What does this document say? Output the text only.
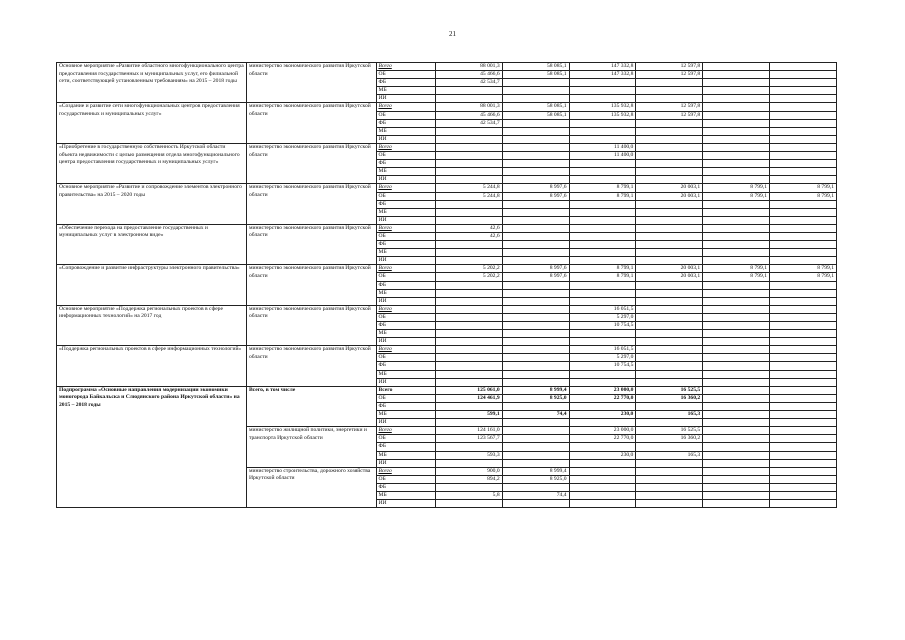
21
Основное мероприятие «Развитие областного многофункционального центра предоставления государственных и муниципальных услуг, его филиальной сети, соответствующей установленным требованиям» на 2015 – 2018 годы	министерство экономического развития Иркутской области	Всего	88 001,3	58 085,1	147 332,8	12 597,8		
		ОБ	45 466,6	58 085,1	147 332,8	12 597,8		
		ФБ	42 534,7					
		МБ						
		ИИ						
«Создание и развитие сети многофункциональных центров предоставления государственных и муниципальных услуг»	министерство экономического развития Иркутской области	Всего	88 001,3	58 085,1	135 932,8	12 597,8		
		ОБ	45 466,6	58 085,1	135 932,8	12 597,8		
		ФБ	42 534,7					
		МБ						
		ИИ						
«Приобретение в государственную собственность Иркутской области объекта недвижимости с целью размещения отдела многофункционального центра предоставления государственных и муниципальных услуг»	министерство экономического развития Иркутской области	Всего			11 400,0			
		ОБ			11 400,0			
		ФБ						
		МБ						
		ИИ						
Основное мероприятие «Развитие и сопровождение элементов электронного правительства» на 2015 – 2020 годы	министерство экономического развития Иркутской области	Всего	5 244,8	8 997,6	8 799,1	20 003,1	8 799,1	8 799,1
		ОБ	5 244,8	8 997,6	8 799,1	20 003,1	8 799,1	8 799,1
		ФБ						
		МБ						
		ИИ						
«Обеспечение перехода на предоставление государственных и муниципальных услуг в электронном виде»	министерство экономического развития Иркутской области	Всего	42,6					
		ОБ	42,6					
		ФБ						
		МБ						
		ИИ						
«Сопровождение и развитие инфраструктуры электронного правительства»	министерство экономического развития Иркутской области	Всего	5 202,2	8 997,6	8 799,1	20 003,1	8 799,1	8 799,1
		ОБ	5 202,2	8 997,6	8 799,1	20 003,1	8 799,1	8 799,1
		ФБ						
		МБ						
		ИИ						
Основное мероприятие «Поддержка региональных проектов в сфере информационных технологий» на 2017 год	министерство экономического развития Иркутской области	Всего			16 051,5			
		ОБ			5 297,0			
		ФБ			10 754,5			
		МБ						
		ИИ						
«Поддержка региональных проектов в сфере информационных технологий»	министерство экономического развития Иркутской области	Всего			16 051,5			
		ОБ			5 297,0			
		ФБ			10 754,5			
		МБ						
		ИИ						
Подпрограмма «Основные направления модернизации экономики моногорода Байкальска и Слюдянского района Иркутской области» на 2015 – 2018 годы	Всего, в том числе	Всего	125 061,0	8 999,4	23 000,0	16 525,5		
		ОБ	124 461,9	8 925,0	22 770,0	16 360,2		
		ФБ						
		МБ	599,1	74,4	230,0	165,3		
		ИИ						
	министерство жилищной политики, энергетики и транспорта Иркутской области	Всего	124 161,0		23 000,0	16 525,5		
		ОБ	123 567,7		22 770,0	16 360,2		
		ФБ						
		МБ	593,3		230,0	165,3		
		ИИ						
	министерство строительства, дорожного хозяйства Иркутской области	Всего	900,0	8 999,4				
		ОБ	894,2	8 925,0				
		ФБ						
		МБ	5,8	74,4				
		ИИ						
